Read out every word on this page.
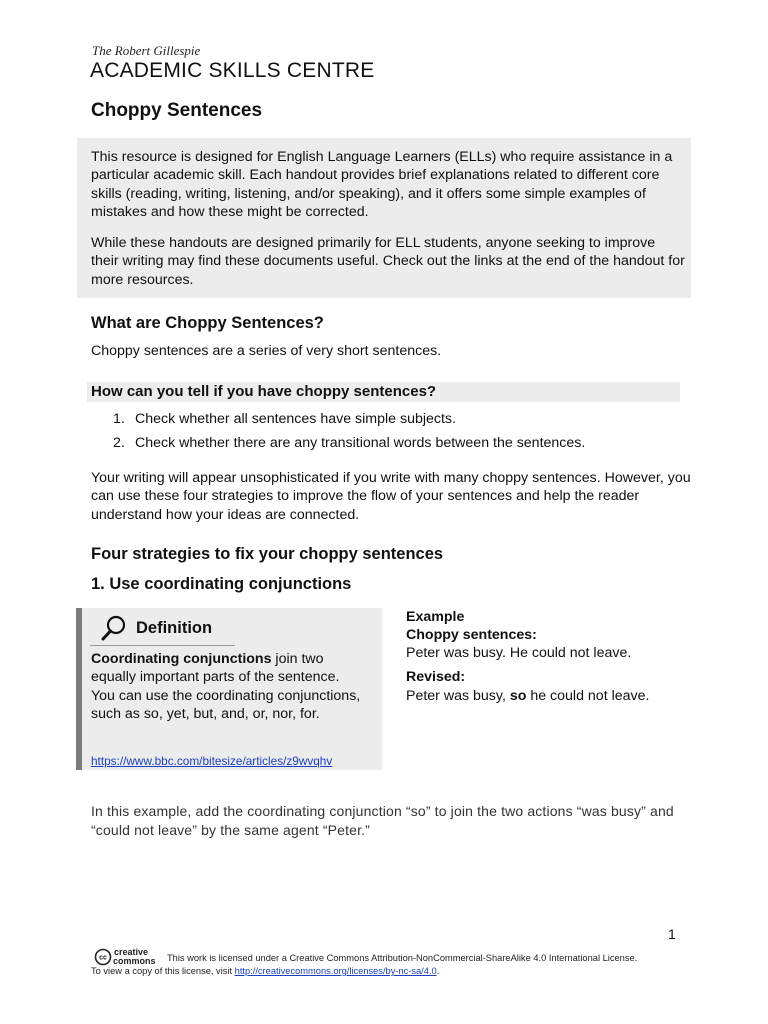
The Robert Gillespie
ACADEMIC SKILLS CENTRE
Choppy Sentences
This resource is designed for English Language Learners (ELLs) who require assistance in a particular academic skill. Each handout provides brief explanations related to different core skills (reading, writing, listening, and/or speaking), and it offers some simple examples of mistakes and how these might be corrected.
While these handouts are designed primarily for ELL students, anyone seeking to improve their writing may find these documents useful. Check out the links at the end of the handout for more resources.
What are Choppy Sentences?
Choppy sentences are a series of very short sentences.
How can you tell if you have choppy sentences?
1. Check whether all sentences have simple subjects.
2. Check whether there are any transitional words between the sentences.
Your writing will appear unsophisticated if you write with many choppy sentences. However, you can use these four strategies to improve the flow of your sentences and help the reader understand how your ideas are connected.
Four strategies to fix your choppy sentences
1. Use coordinating conjunctions
Definition
Coordinating conjunctions join two equally important parts of the sentence. You can use the coordinating conjunctions, such as so, yet, but, and, or, nor, for.
https://www.bbc.com/bitesize/articles/z9wvqhv
Example
Choppy sentences:
Peter was busy. He could not leave.
Revised:
Peter was busy, so he could not leave.
In this example, add the coordinating conjunction “so” to join the two actions “was busy” and “could not leave” by the same agent “Peter.”
1
cc
creative
commons This work is licensed under a Creative Commons Attribution-NonCommercial-ShareAlike 4.0 International License.
To view a copy of this license, visit http://creativecommons.org/licenses/by-nc-sa/4.0.
